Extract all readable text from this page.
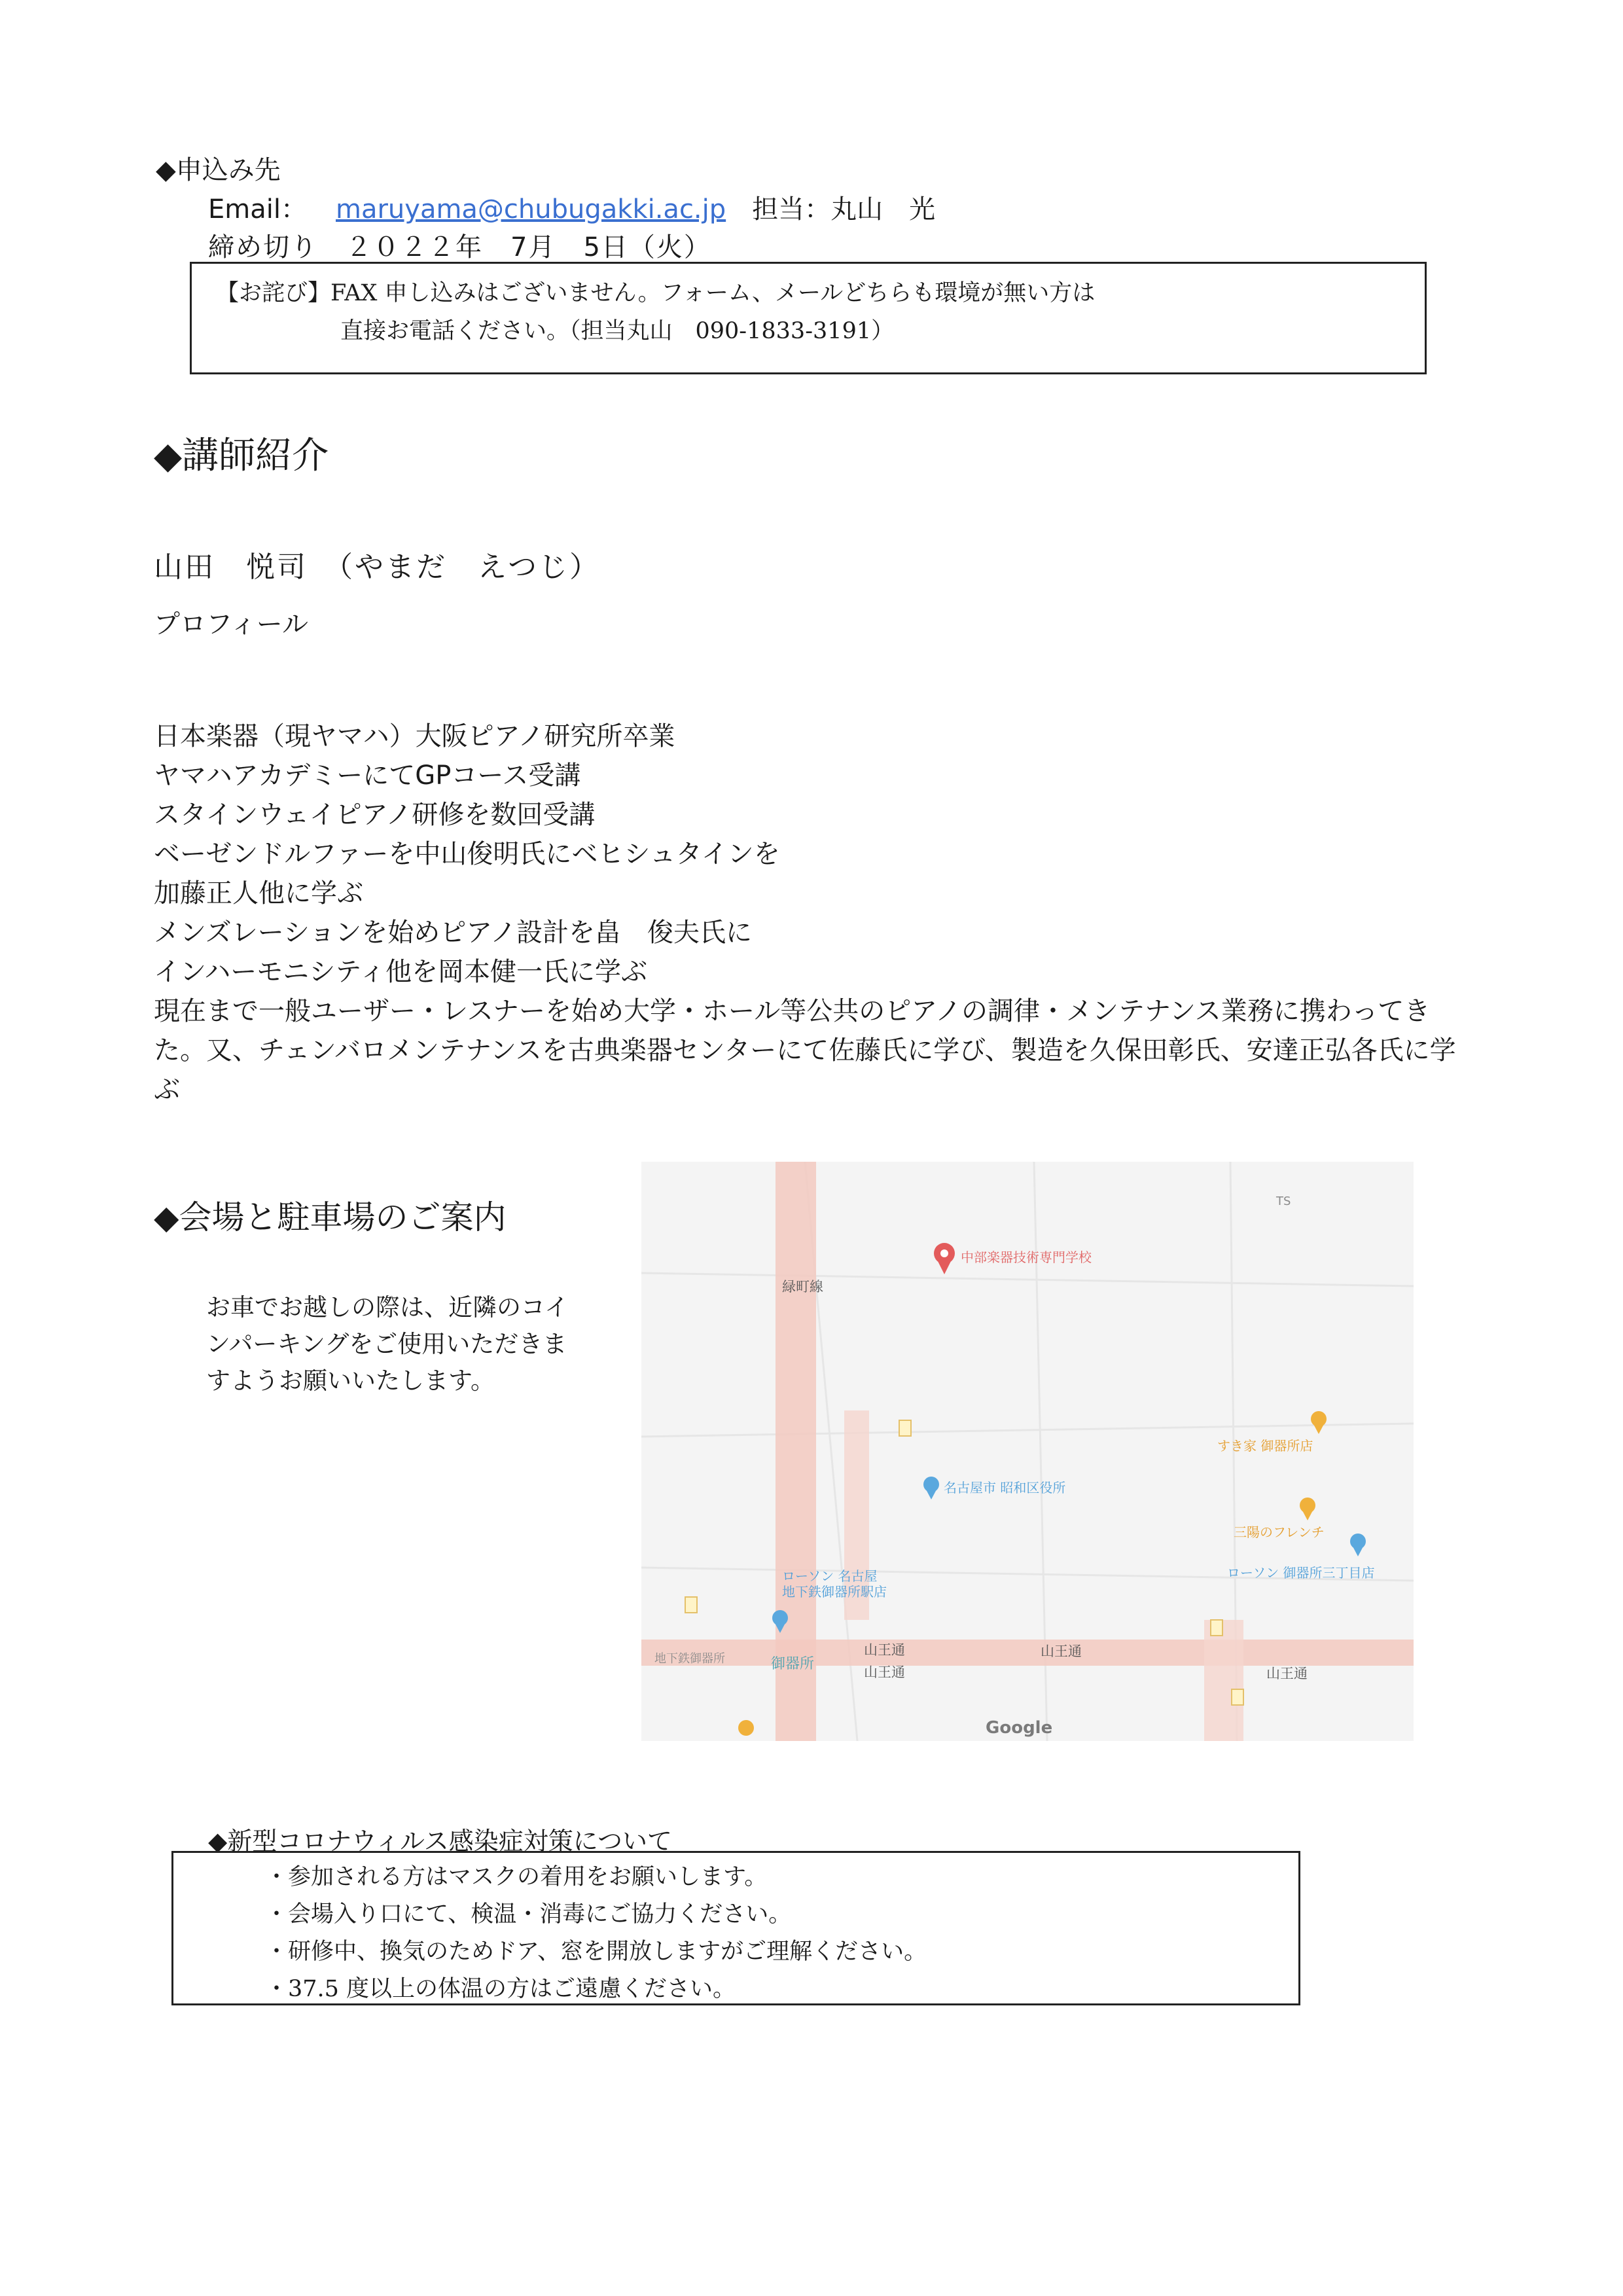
◆申込み先
Email： maruyama@chubugakki.ac.jp 担当：丸山　光
締め切り　２０２２年　7月　5日（火）
【お詫び】FAX 申し込みはございません。フォーム、メールどちらも環境が無い方は
直接お電話ください。（担当丸山　090-1833-3191）
◆講師紹介
山田　悦司　（やまだ　えつじ）
プロフィール
日本楽器（現ヤマハ）大阪ピアノ研究所卒業
ヤマハアカデミーにてGPコース受講
スタインウェイピアノ研修を数回受講
ベーゼンドルファーを中山俊明氏にベヒシュタインを
加藤正人他に学ぶ
メンズレーションを始めピアノ設計を畠　俊夫氏に
インハーモニシティ他を岡本健一氏に学ぶ
現在まで一般ユーザー・レスナーを始め大学・ホール等公共のピアノの調律・メンテナンス業務に携わってきた。又、チェンバロメンテナンスを古典楽器センターにて佐藤氏に学び、製造を久保田彰氏、安達正弘各氏に学ぶ
◆会場と駐車場のご案内
お車でお越しの際は、近隣のコインパーキングをご使用いただきますようお願いいたします。
中部楽器技術専門学校
緑町線
名古屋市 昭和区役所
ローソン 名古屋
地下鉄御器所駅店
ローソン 御器所三丁目店
すき家 御器所店
三陽のフレンチ
山王通
山王通
山王通
山王通
御器所
地下鉄御器所
TS
Google
◆新型コロナウィルス感染症対策について
・参加される方はマスクの着用をお願いします。
・会場入り口にて、検温・消毒にご協力ください。
・研修中、換気のためドア、窓を開放しますがご理解ください。
・37.5 度以上の体温の方はご遠慮ください。
